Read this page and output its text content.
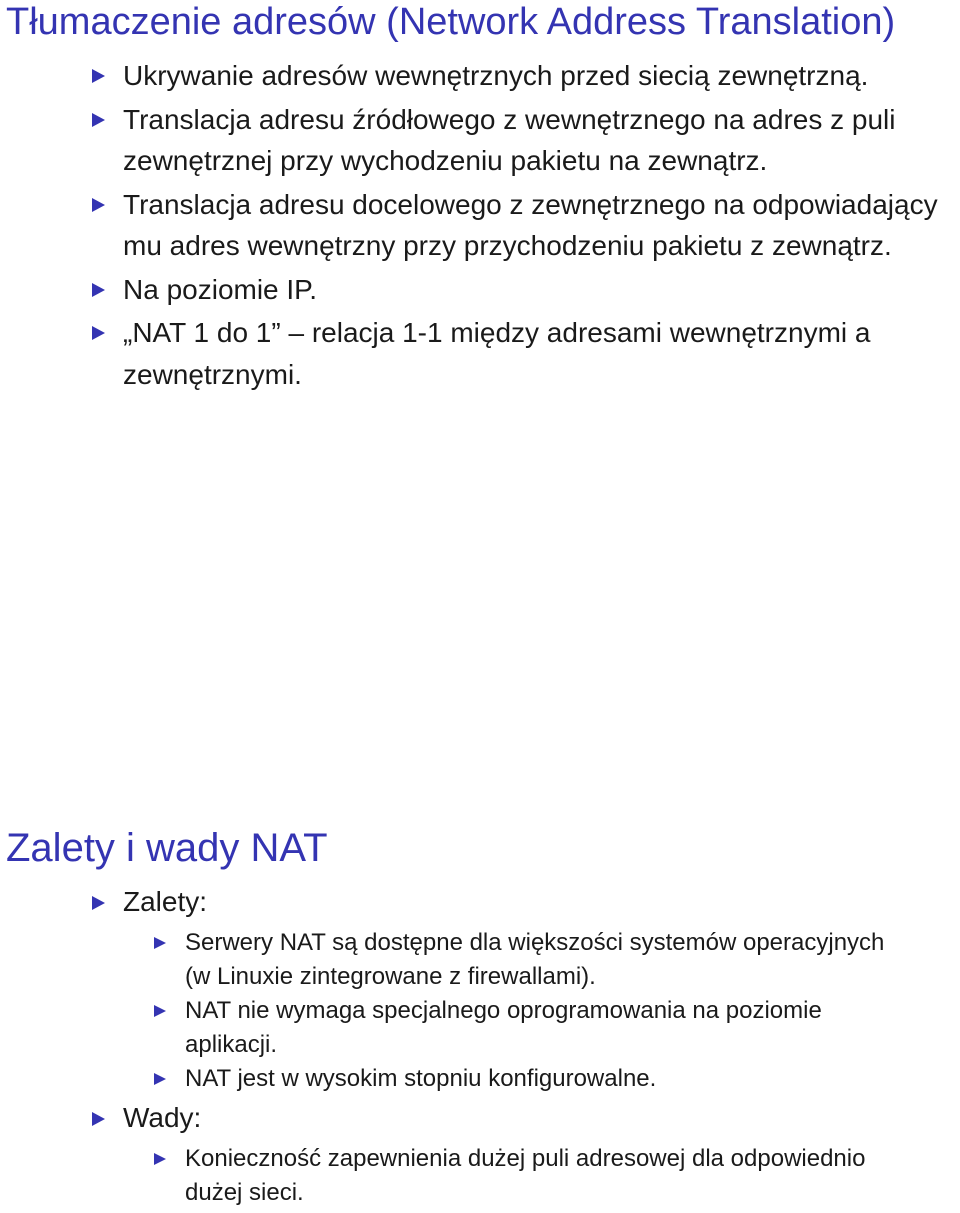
Tłumaczenie adresów (Network Address Translation)
Ukrywanie adresów wewnętrznych przed siecią zewnętrzną.
Translacja adresu źródłowego z wewnętrznego na adres z puli zewnętrznej przy wychodzeniu pakietu na zewnątrz.
Translacja adresu docelowego z zewnętrznego na odpowiadający mu adres wewnętrzny przy przychodzeniu pakietu z zewnątrz.
Na poziomie IP.
„NAT 1 do 1” – relacja 1-1 między adresami wewnętrznymi a zewnętrznymi.
Zalety i wady NAT
Zalety:
Serwery NAT są dostępne dla większości systemów operacyjnych (w Linuxie zintegrowane z firewallami).
NAT nie wymaga specjalnego oprogramowania na poziomie aplikacji.
NAT jest w wysokim stopniu konfigurowalne.
Wady:
Konieczność zapewnienia dużej puli adresowej dla odpowiednio dużej sieci.
